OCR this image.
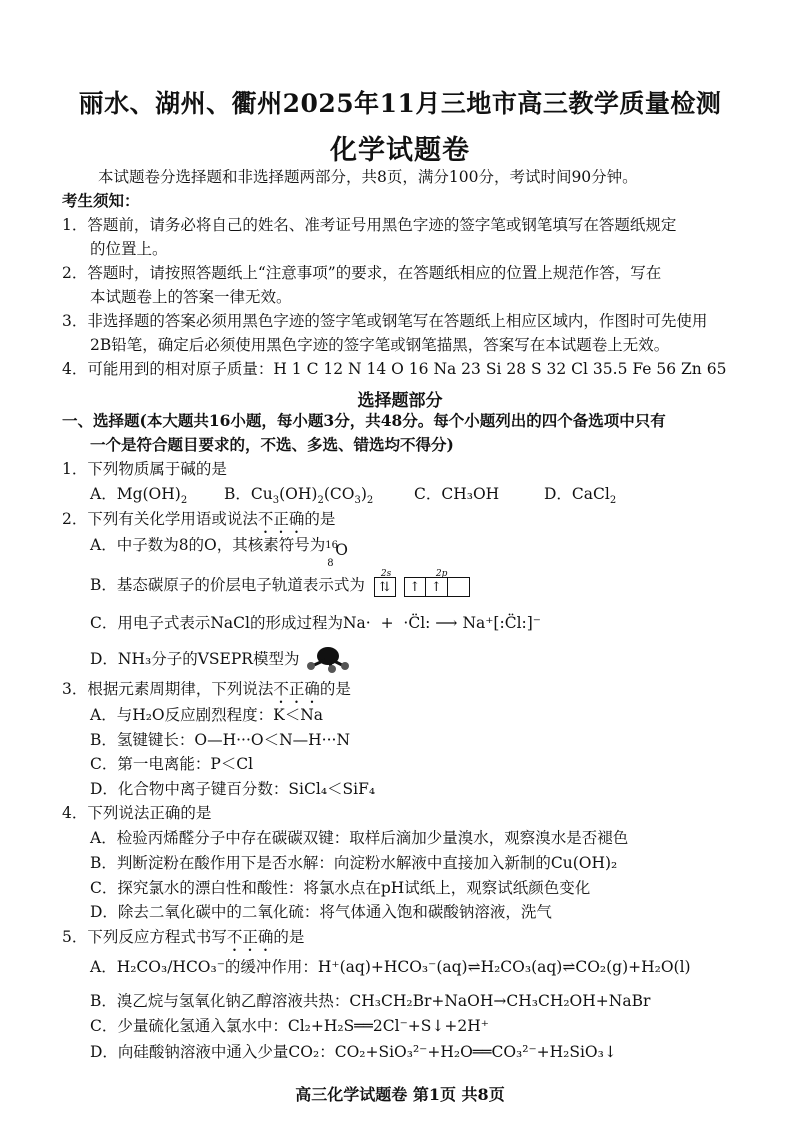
丽水、湖州、衢州2025年11月三地市高三教学质量检测
化学试题卷
本试题卷分选择题和非选择题两部分，共8页，满分100分，考试时间90分钟。
考生须知：
1．答题前，请务必将自己的姓名、准考证号用黑色字迹的签字笔或钢笔填写在答题纸规定
的位置上。
2．答题时，请按照答题纸上“注意事项”的要求，在答题纸相应的位置上规范作答，写在
本试题卷上的答案一律无效。
3．非选择题的答案必须用黑色字迹的签字笔或钢笔写在答题纸上相应区域内，作图时可先使用
2B铅笔，确定后必须使用黑色字迹的签字笔或钢笔描黑，答案写在本试题卷上无效。
4．可能用到的相对原子质量：H 1 C 12 N 14 O 16 Na 23 Si 28 S 32 Cl 35.5 Fe 56 Zn 65
选择题部分
一、选择题(本大题共16小题，每小题3分，共48分。每个小题列出的四个备选项中只有
一个是符合题目要求的，不选、多选、错选均不得分)
1．下列物质属于碱的是
A．$Mg(OH)_2$ B．$Cu_3(OH)_2(CO_3)_2$	C．CH₃OH	D．CaCl$_2$
2．下列有关化学用语或说法不正确的是
A．中子数为8的O，其核素符号为 16
8
O
B．基态碳原子的价层电子轨道表示式为
2s	2p
⇅ ↑ ↑
C．用电子式表示NaCl的形成过程为Na·  +  ·C̈l: ⟶ Na⁺[:C̈l:]⁻
D．NH₃分子的VSEPR模型为
3．根据元素周期律，下列说法不正确的是
A．与H₂O反应剧烈程度：K＜Na
B．氢键键长：O—H···O＜N—H···N
C．第一电离能：P＜Cl
D．化合物中离子键百分数：SiCl₄＜SiF₄
4．下列说法正确的是
A．检验丙烯醛分子中存在碳碳双键：取样后滴加少量溴水，观察溴水是否褪色
B．判断淀粉在酸作用下是否水解：向淀粉水解液中直接加入新制的Cu(OH)₂
C．探究氯水的漂白性和酸性：将氯水点在pH试纸上，观察试纸颜色变化
D．除去二氧化碳中的二氧化硫：将气体通入饱和碳酸钠溶液，洗气
5．下列反应方程式书写不正确的是
A．H₂CO₃/HCO₃⁻的缓冲作用：H⁺(aq)+HCO₃⁻(aq)⇌H₂CO₃(aq)⇌CO₂(g)+H₂O(l)
B．溴乙烷与氢氧化钠乙醇溶液共热：CH₃CH₂Br+NaOH→CH₃CH₂OH+NaBr
C．少量硫化氢通入氯水中：Cl₂+H₂S══2Cl⁻+S↓+2H⁺
D．向硅酸钠溶液中通入少量CO₂：CO₂+SiO₃²⁻+H₂O══CO₃²⁻+H₂SiO₃↓
高三化学试题卷 第1页 共8页
